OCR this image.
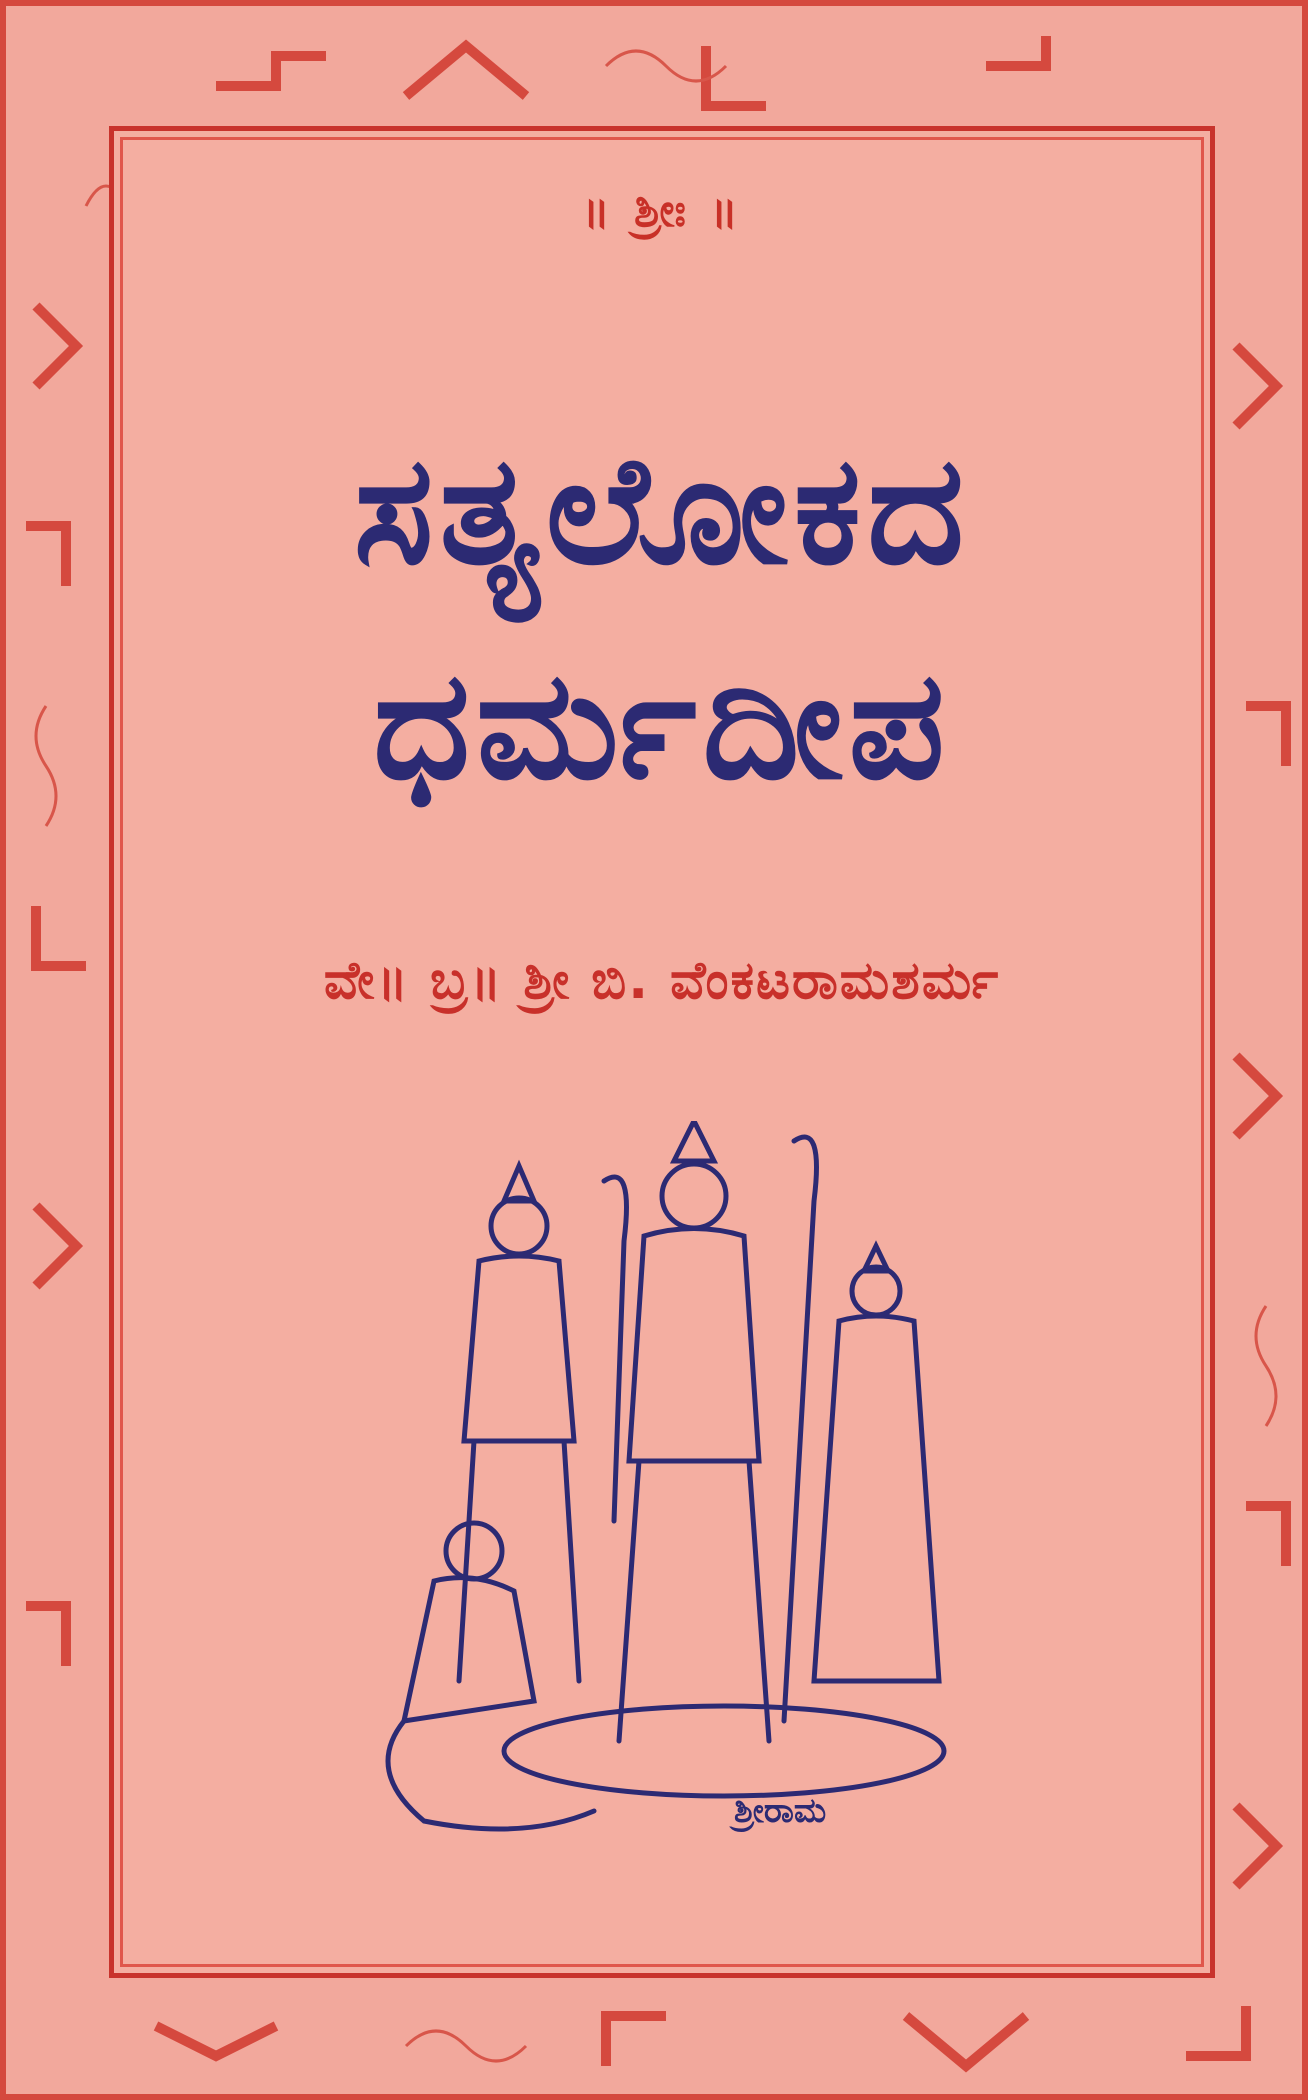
॥ ಶ್ರೀಃ ॥
ಸತ್ಯಲೋಕದ
ಧರ್ಮದೀಪ
ವೇ॥ ಬ್ರ॥ ಶ್ರೀ ಬಿ. ವೆಂಕಟರಾಮಶರ್ಮ
ಶ್ರೀರಾಮ
